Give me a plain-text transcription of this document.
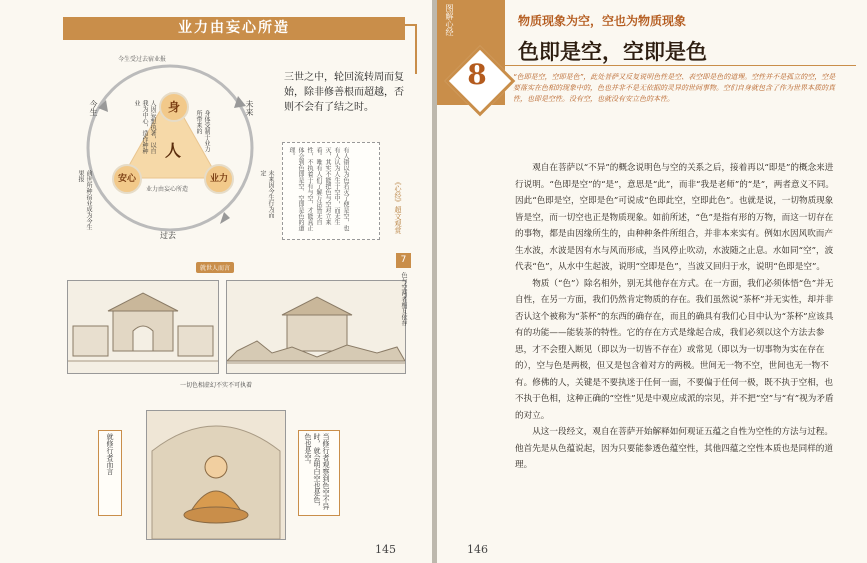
业力由妄心所造
今生受过去宿业报
今生	未来
过去
前世所种宿业成为今生果报	未来因今生行为而定
身
安心	业力
人
人因妄想执著，以自我为中心，造作种种业
身体受制于业力所带来的
业力由妄心所造
三世之中，轮回流转周而复始，除非修善根而超越，否则不会有了结之时。
有人错以为色若灭了便是空，也有人认为人生于空中，而无生灭，其实不能把色与空对立来看。唯有人们了解万法皆无自性，不执着于有与空，才能真正体会到色即是空、空即是色的道理。
就世人而言
一切色相虚幻不实不可执着
就修行者而言	当修行者观察到色空不异时，就会明白空也是色，色也是空。
《心经》超文观赏
7
色与空两者相互依存
145
图解心经
8
物质现象为空，空也为物质现象
色即是空，空即是色
“色即是空，空即是色”，此处菩萨又反复说明色性是空、表空即是色的道理。空性并不是孤立的空，空是要落实在色相的现象中的，色也并非不是无依据的灵异的世间事物。空们自身就包含了作为世界本质的真性，也即是空性。没有空，也就没有安立色的本性。

观自在菩萨以“不异”的概念说明色与空的关系之后，接着再以“即是”的概念来进行说明。“色即是空”的“是”，意思是“此”，而非“我是老师”的“是”，两者意义不同。因此“色即是空，空即是色”可说成“色即此空，空即此色”。也就是说，一切物质现象皆是空，而一切空也正是物质现象。如前所述，“色”是指有形的万物，而这一切存在的事物，都是由因缘所生的，由种种条件所组合，并非本来实有。例如水因风吹而产生水波，水波是因有水与风而形成，当风停止吹动，水波随之止息。水如同“空”，波代表“色”，从水中生起波，说明“空即是色”，当波又回归于水，说明“色即是空”。

物质（“色”）除名相外，别无其他存在方式。在一方面，我们必须体悟“色”并无自性，在另一方面，我们仍然肯定物质的存在。我们虽然说“茶杯”并无实性，却并非否认这个被称为“茶杯”的东西的确存在，而且的确具有我们心目中认为“茶杯”应该具有的功能——能装茶的特性。它的存在方式是缘起合成，我们必须以这个方法去参思，才不会堕入断见（即以为一切皆不存在）或常见（即以为一切事物为实在存在的），空与色是两极，但又是包含着对方的两极。世间无一物不空，世间也无一物不有。修佛的人，关键是不要执迷于任何一面，不要偏于任何一极，既不执于空相，也不执于色相，这种正确的“空性”见是中观应成派的宗见，并不把“空”与“有”视为矛盾的对立。

从这一段经文，观自在菩萨开始解释如何观证五蕴之自性为空性的方法与过程。他首先是从色蕴说起，因为只要能参透色蕴空性，其他四蕴之空性本质也是同样的道理。

146
